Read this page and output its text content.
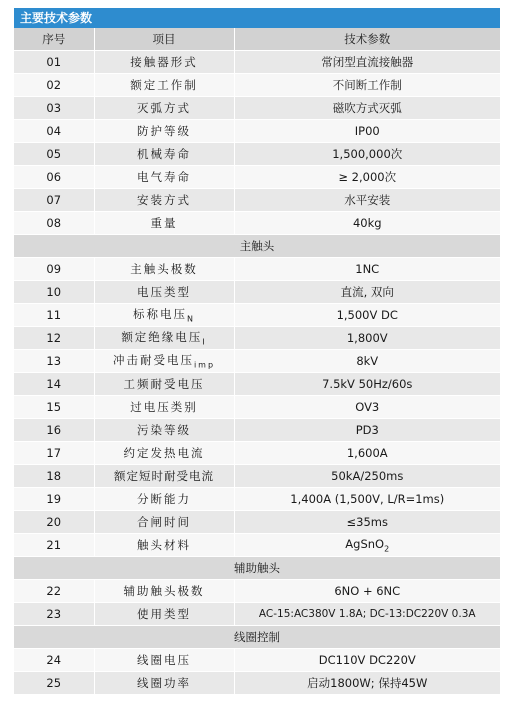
主要技术参数
序号	项目	技术参数
01	接触器形式	常闭型直流接触器
02	额定工作制	不间断工作制
03	灭弧方式	磁吹方式灭弧
04	防护等级	IP00
05	机械寿命	1,500,000次
06	电气寿命	≥ 2,000次
07	安装方式	水平安装
08	重量	40kg
主触头		
09	主触头极数	1NC
10	电压类型	直流, 双向
11	标称电压$_N$	1,500V DC
12	额定绝缘电压$_I$	1,800V
13	冲击耐受电压$_{imp}$	8kV
14	工频耐受电压	7.5kV 50Hz/60s
15	过电压类别	OV3
16	污染等级	PD3
17	约定发热电流	1,600A
18	额定短时耐受电流	50kA/250ms
19	分断能力	1,400A (1,500V, L/R=1ms)
20	合闸时间	≤35ms
21	触头材料	AgSnO$_2$
辅助触头		
22	辅助触头极数	6NO + 6NC
23	使用类型	AC-15:AC380V 1.8A; DC-13:DC220V 0.3A
线圈控制		
24	线圈电压	DC110V DC220V
25	线圈功率	启动1800W; 保持45W
